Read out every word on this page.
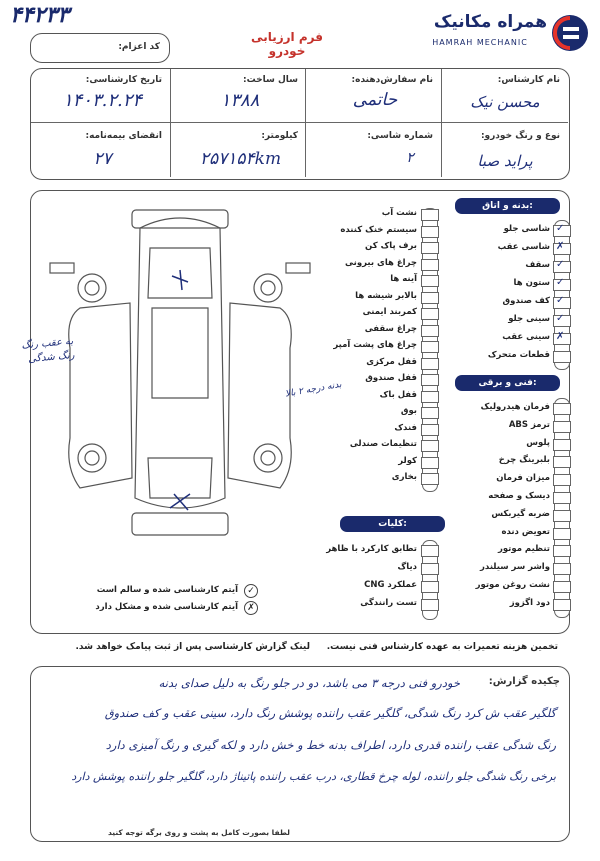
۴۴۲۳۳	همراه مکانیک
HAMRAH MECHANIC
فرم ارزیابی خودرو
کد اعزام:
نام کارشناس:
نام سفارش‌دهنده:
سال ساخت:
تاریخ کارشناسی:
محسن نیک
حاتمی
۱۳۸۸
۱۴۰۳.۲.۲۴
نوع و رنگ خودرو:
شماره شاسی:
کیلومتر:
انقضای بیمه‌نامه:
پراید صبا
۲
۲۵۷۱۵۴km
۲۷
به عقب رنگ رنگ شدگی
بدنه درجه ۲ بالا
نشت آب
سیستم خنک کننده
برف پاک کن
چراغ های بیرونی
آینه ها
بالابر شیشه ها
کمربند ایمنی
چراغ سقفی
چراغ های پشت آمپر
قفل مرکزی
قفل صندوق
قفل باک
بوق
فندک
تنظیمات صندلی
کولر
بخاری
بدنه و اتاق:
شاسی جلو ✓
شاسی عقب ✗
سقف ✓
ستون ها ✓
کف صندوق ✓
سینی جلو ✓
سینی عقب ✗
قطعات متحرک
فنی و برقی:
فرمان هیدرولیک
ترمز ABS
پلوس
بلبرینگ چرخ
میزان فرمان
دیسک و صفحه
ضربه گیربکس
تعویض دنده
تنظیم موتور
واشر سر سیلندر
نشت روغن موتور
دود اگزوز
کلیات:
تطابق کارکرد با ظاهر
دیاگ
عملکرد CNG
تست رانندگی
✓
آیتم کارشناسی شده و سالم است
✗
آیتم کارشناسی شده و مشکل دارد
تخمین هزینه تعمیرات به عهده کارشناس فنی نیست.
لینک گزارش کارشناسی پس از ثبت پیامک خواهد شد.
چکیده گزارش:
خودرو فنی درجه ۳ می باشد، دو در جلو رنگ به دلیل صدای بدنه
گلگیر عقب ش کرد رنگ شدگی، گلگیر عقب راننده پوشش رنگ دارد، سینی عقب و کف صندوق
رنگ شدگی عقب راننده قدری دارد، اطراف بدنه خط و خش دارد و لکه گیری و رنگ آمیزی دارد
برخی رنگ شدگی جلو راننده، لوله چرخ قطاری، درب عقب راننده پاتیناژ دارد، گلگیر جلو راننده پوشش دارد
لطفا بصورت کامل به پشت و روی برگه توجه کنید
